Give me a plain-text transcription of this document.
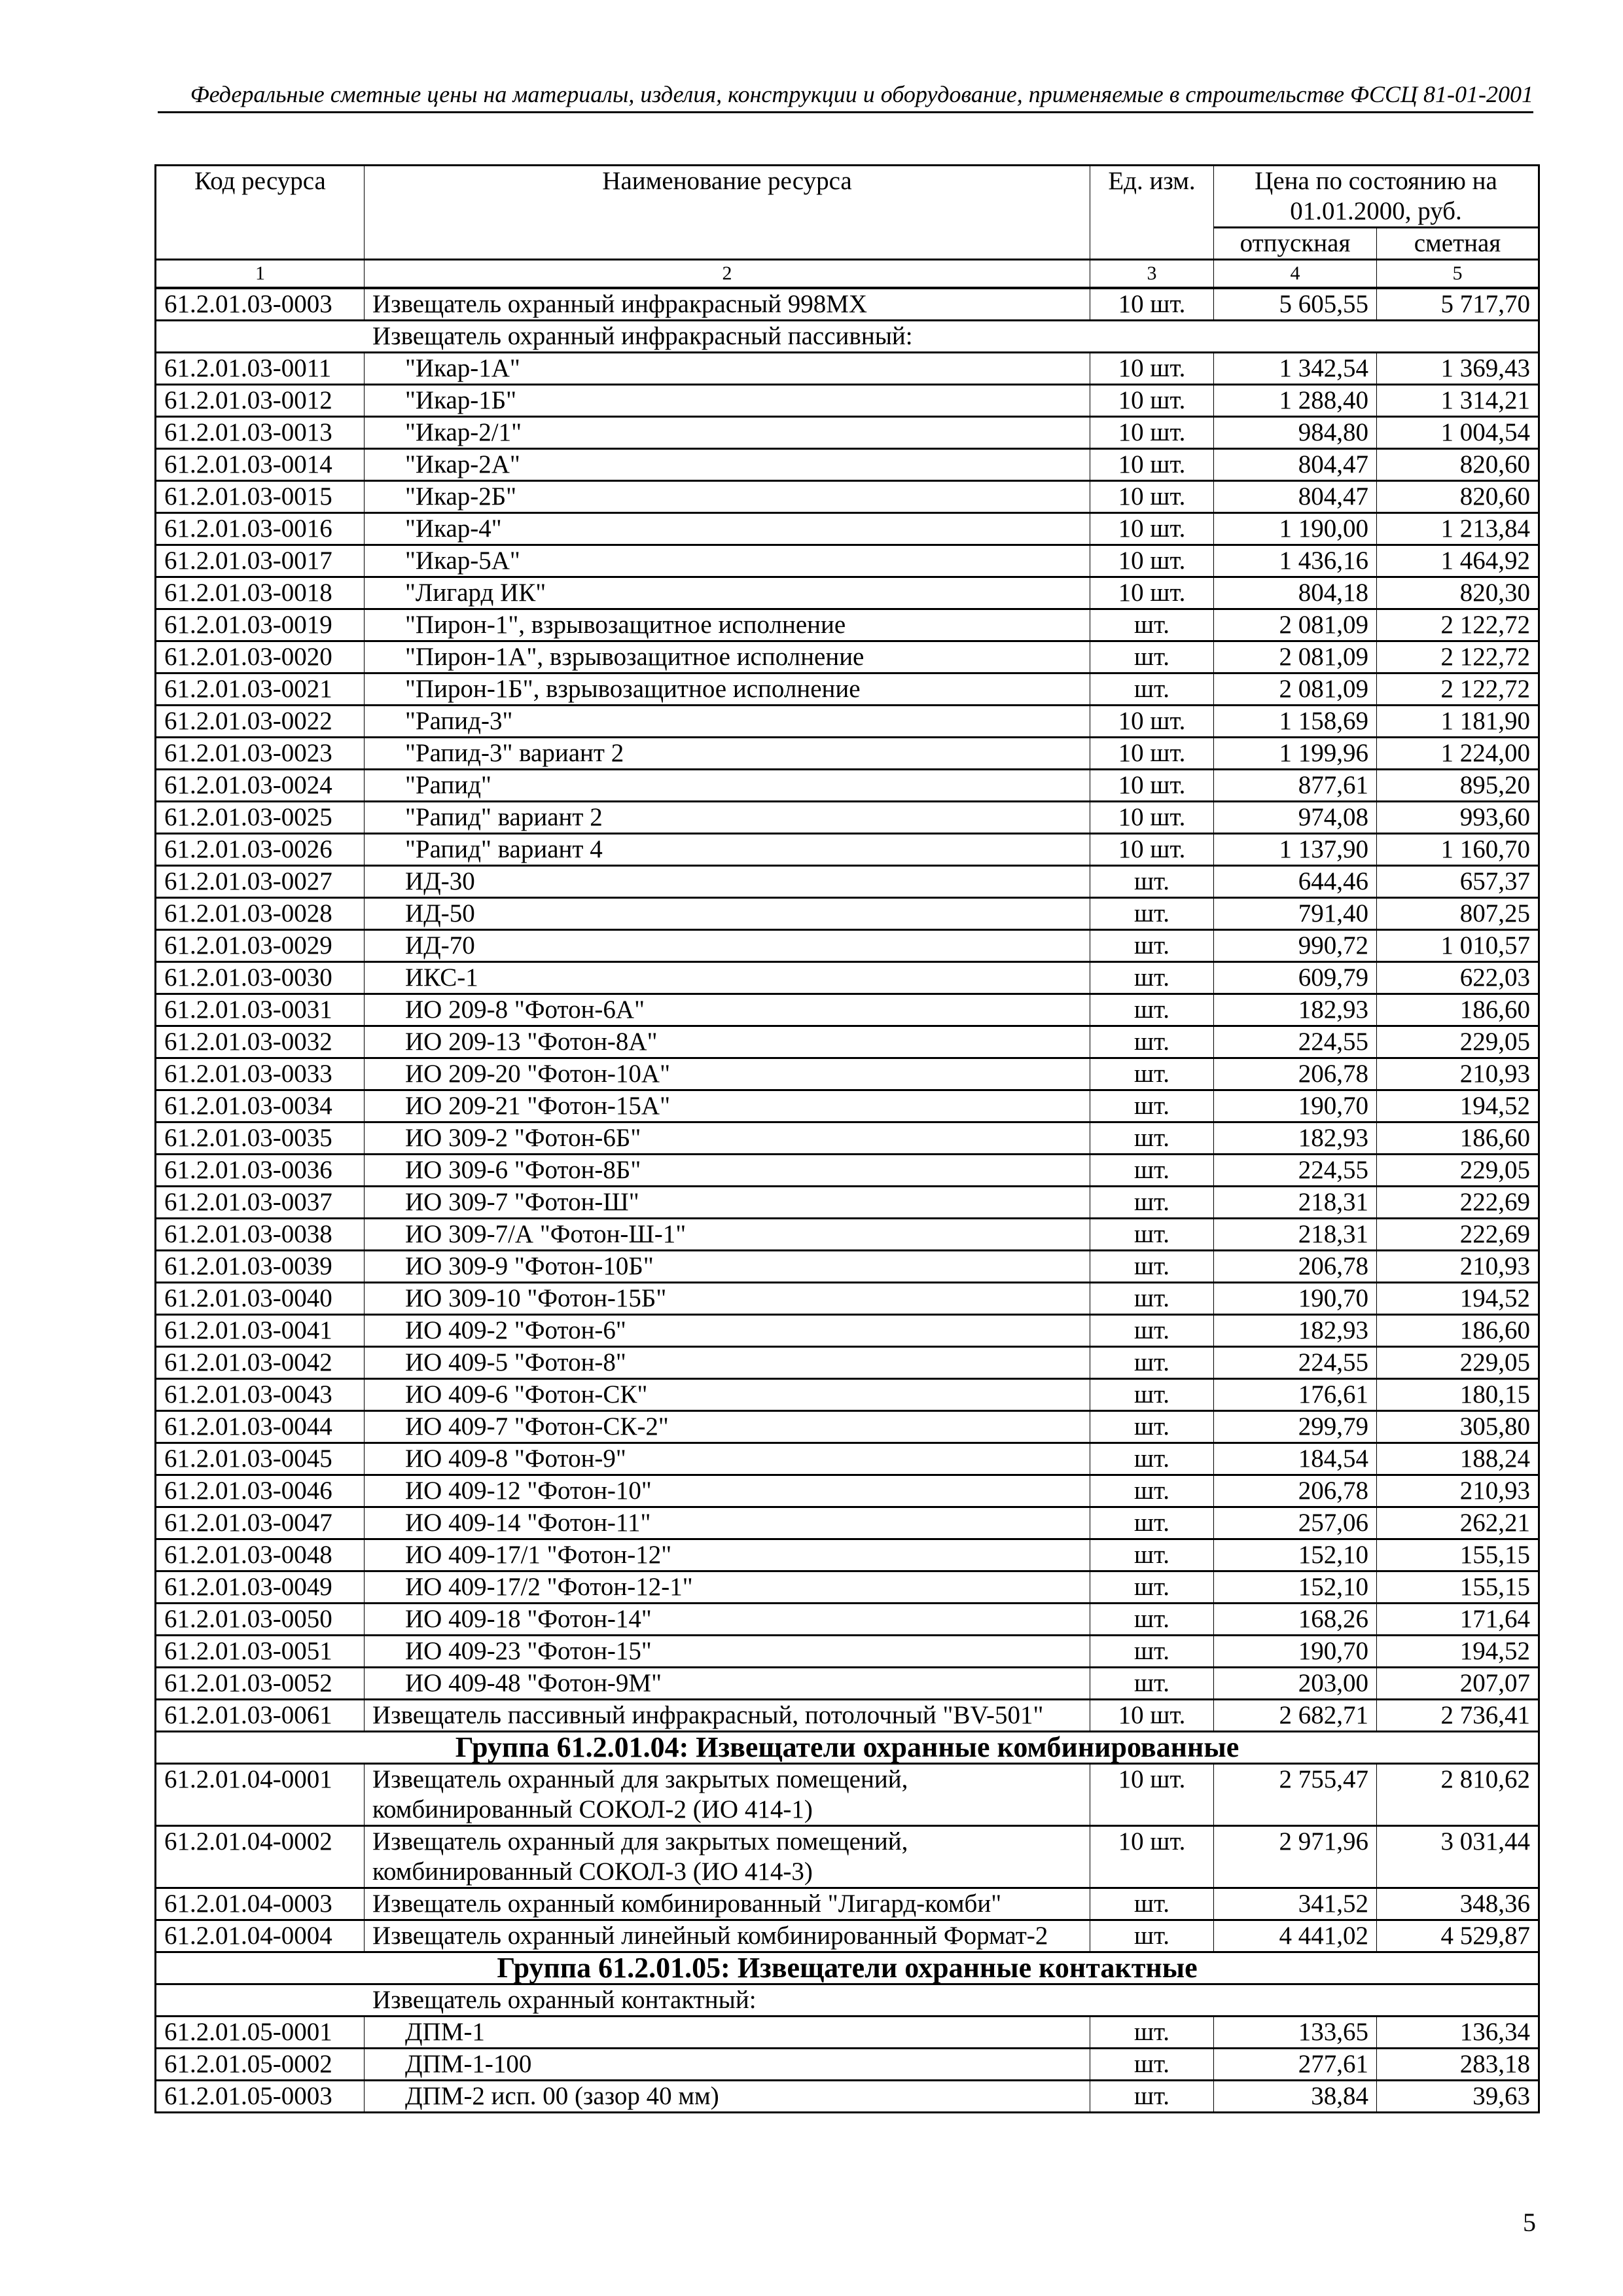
Федеральные сметные цены на материалы, изделия, конструкции и оборудование, применяемые в строительстве ФССЦ 81-01-2001
Код ресурса	Наименование ресурса	Ед. изм.	Цена по состоянию на 01.01.2000, руб.	
			отпускная	сметная
1	2	3	4	5
61.2.01.03-0003	Извещатель охранный инфракрасный 998МХ	10 шт.	5 605,55	5 717,70
Извещатель охранный инфракрасный пассивный:				
61.2.01.03-0011	"Икар-1А"	10 шт.	1 342,54	1 369,43
61.2.01.03-0012	"Икар-1Б"	10 шт.	1 288,40	1 314,21
61.2.01.03-0013	"Икар-2/1"	10 шт.	984,80	1 004,54
61.2.01.03-0014	"Икар-2А"	10 шт.	804,47	820,60
61.2.01.03-0015	"Икар-2Б"	10 шт.	804,47	820,60
61.2.01.03-0016	"Икар-4"	10 шт.	1 190,00	1 213,84
61.2.01.03-0017	"Икар-5А"	10 шт.	1 436,16	1 464,92
61.2.01.03-0018	"Лигард ИК"	10 шт.	804,18	820,30
61.2.01.03-0019	"Пирон-1", взрывозащитное исполнение	шт.	2 081,09	2 122,72
61.2.01.03-0020	"Пирон-1А", взрывозащитное исполнение	шт.	2 081,09	2 122,72
61.2.01.03-0021	"Пирон-1Б", взрывозащитное исполнение	шт.	2 081,09	2 122,72
61.2.01.03-0022	"Рапид-3"	10 шт.	1 158,69	1 181,90
61.2.01.03-0023	"Рапид-3" вариант 2	10 шт.	1 199,96	1 224,00
61.2.01.03-0024	"Рапид"	10 шт.	877,61	895,20
61.2.01.03-0025	"Рапид" вариант 2	10 шт.	974,08	993,60
61.2.01.03-0026	"Рапид" вариант 4	10 шт.	1 137,90	1 160,70
61.2.01.03-0027	ИД-30	шт.	644,46	657,37
61.2.01.03-0028	ИД-50	шт.	791,40	807,25
61.2.01.03-0029	ИД-70	шт.	990,72	1 010,57
61.2.01.03-0030	ИКС-1	шт.	609,79	622,03
61.2.01.03-0031	ИО 209-8 "Фотон-6А"	шт.	182,93	186,60
61.2.01.03-0032	ИО 209-13 "Фотон-8А"	шт.	224,55	229,05
61.2.01.03-0033	ИО 209-20 "Фотон-10А"	шт.	206,78	210,93
61.2.01.03-0034	ИО 209-21 "Фотон-15А"	шт.	190,70	194,52
61.2.01.03-0035	ИО 309-2 "Фотон-6Б"	шт.	182,93	186,60
61.2.01.03-0036	ИО 309-6 "Фотон-8Б"	шт.	224,55	229,05
61.2.01.03-0037	ИО 309-7 "Фотон-Ш"	шт.	218,31	222,69
61.2.01.03-0038	ИО 309-7/А "Фотон-Ш-1"	шт.	218,31	222,69
61.2.01.03-0039	ИО 309-9 "Фотон-10Б"	шт.	206,78	210,93
61.2.01.03-0040	ИО 309-10 "Фотон-15Б"	шт.	190,70	194,52
61.2.01.03-0041	ИО 409-2 "Фотон-6"	шт.	182,93	186,60
61.2.01.03-0042	ИО 409-5 "Фотон-8"	шт.	224,55	229,05
61.2.01.03-0043	ИО 409-6 "Фотон-СК"	шт.	176,61	180,15
61.2.01.03-0044	ИО 409-7 "Фотон-СК-2"	шт.	299,79	305,80
61.2.01.03-0045	ИО 409-8 "Фотон-9"	шт.	184,54	188,24
61.2.01.03-0046	ИО 409-12 "Фотон-10"	шт.	206,78	210,93
61.2.01.03-0047	ИО 409-14 "Фотон-11"	шт.	257,06	262,21
61.2.01.03-0048	ИО 409-17/1 "Фотон-12"	шт.	152,10	155,15
61.2.01.03-0049	ИО 409-17/2 "Фотон-12-1"	шт.	152,10	155,15
61.2.01.03-0050	ИО 409-18 "Фотон-14"	шт.	168,26	171,64
61.2.01.03-0051	ИО 409-23 "Фотон-15"	шт.	190,70	194,52
61.2.01.03-0052	ИО 409-48 "Фотон-9М"	шт.	203,00	207,07
61.2.01.03-0061	Извещатель пассивный инфракрасный, потолочный "BV-501"	10 шт.	2 682,71	2 736,41
Группа 61.2.01.04: Извещатели охранные комбинированные				
61.2.01.04-0001	Извещатель охранный для закрытых помещений, комбинированный СОКОЛ-2 (ИО 414-1)	10 шт.	2 755,47	2 810,62
61.2.01.04-0002	Извещатель охранный для закрытых помещений, комбинированный СОКОЛ-3 (ИО 414-3)	10 шт.	2 971,96	3 031,44
61.2.01.04-0003	Извещатель охранный комбинированный "Лигард-комби"	шт.	341,52	348,36
61.2.01.04-0004	Извещатель охранный линейный комбинированный Формат-2	шт.	4 441,02	4 529,87
Группа 61.2.01.05: Извещатели охранные контактные				
Извещатель охранный контактный:				
61.2.01.05-0001	ДПМ-1	шт.	133,65	136,34
61.2.01.05-0002	ДПМ-1-100	шт.	277,61	283,18
61.2.01.05-0003	ДПМ-2 исп. 00 (зазор 40 мм)	шт.	38,84	39,63
5
